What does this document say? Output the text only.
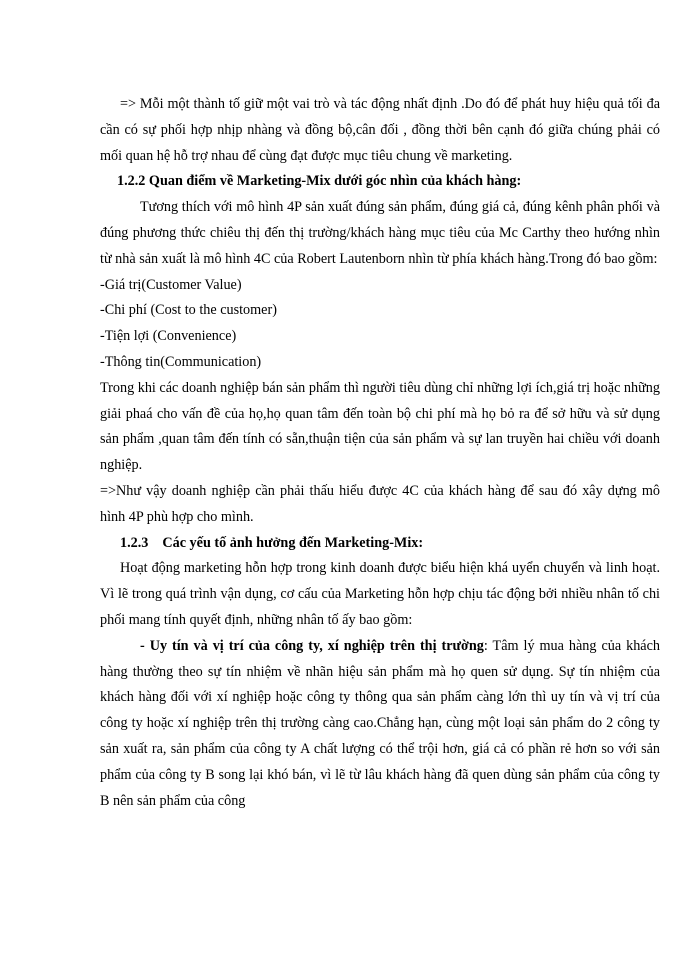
=> Mỗi một thành tố giữ một vai trò và tác động nhất định .Do đó để phát huy hiệu quả tối đa cần có sự phối hợp nhịp nhàng và đồng bộ,cân đối , đồng thời bên cạnh đó giữa chúng phải có mối quan hệ hỗ trợ nhau để cùng đạt được mục tiêu chung về marketing.

1.2.2 Quan điểm về Marketing-Mix dưới góc nhìn của khách hàng:

Tương thích với mô hình 4P sản xuất đúng sản phẩm, đúng giá cả, đúng kênh phân phối và đúng phương thức chiêu thị đến thị trường/khách hàng mục tiêu của Mc Carthy theo hướng nhìn từ nhà sản xuất là mô hình 4C của Robert Lautenborn nhìn từ phía khách hàng.Trong đó bao gồm:

-Giá trị(Customer Value)

-Chi phí (Cost to the customer)

-Tiện lợi (Convenience)

-Thông tin(Communication)

Trong khi các doanh nghiệp bán sản phẩm thì người tiêu dùng chỉ những lợi ích,giá trị hoặc những giải phaá cho vấn đề của họ,họ quan tâm đến toàn bộ chi phí mà họ bỏ ra để sở hữu và sử dụng sản phẩm ,quan tâm đến tính có sẵn,thuận tiện của sản phẩm và sự lan truyền hai chiều với doanh nghiệp.

=>Như vậy doanh nghiệp cần phải thấu hiểu được 4C của khách hàng để sau đó xây dựng mô hình 4P phù hợp cho mình.

1.2.3 Các yếu tố ảnh hưởng đến Marketing-Mix:

Hoạt động marketing hỗn hợp trong kinh doanh được biểu hiện khá uyển chuyển và linh hoạt. Vì lẽ trong quá trình vận dụng, cơ cấu của Marketing hỗn hợp chịu tác động bởi nhiều nhân tố chi phối mang tính quyết định, những nhân tố ấy bao gồm:

- Uy tín và vị trí của công ty, xí nghiệp trên thị trường: Tâm lý mua hàng của khách hàng thường theo sự tín nhiệm về nhãn hiệu sản phẩm mà họ quen sử dụng. Sự tín nhiệm của khách hàng đối với xí nghiệp hoặc công ty thông qua sản phẩm càng lớn thì uy tín và vị trí của công ty hoặc xí nghiệp trên thị trường càng cao.Chẳng hạn, cùng một loại sản phẩm do 2 công ty sản xuất ra, sản phẩm của công ty A chất lượng có thể trội hơn, giá cả có phần rẻ hơn so với sản phẩm của công ty B song lại khó bán, vì lẽ từ lâu khách hàng đã quen dùng sản phẩm của công ty B nên sản phẩm của công
